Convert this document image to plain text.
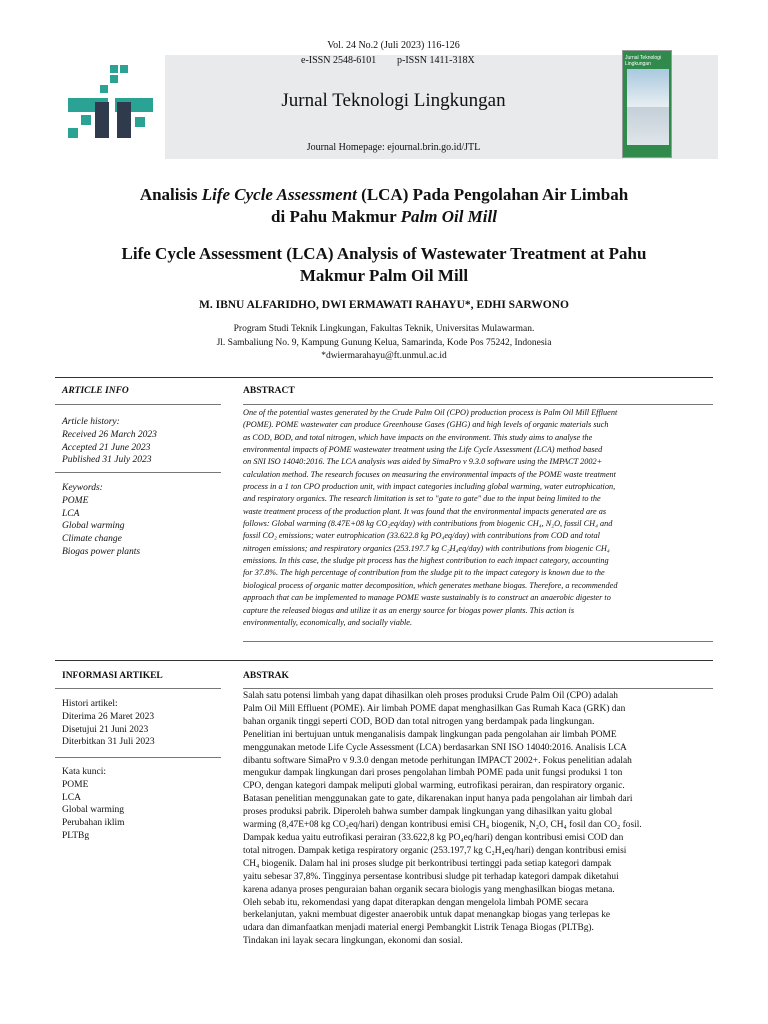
Vol. 24 No.2 (Juli 2023) 116-126
e-ISSN 2548-6101 p-ISSN 1411-318X
Jurnal Teknologi Lingkungan
Journal Homepage: ejournal.brin.go.id/JTL
Jurnal Teknologi Lingkungan
Analisis Life Cycle Assessment (LCA) Pada Pengolahan Air Limbah
di Pahu Makmur Palm Oil Mill
Life Cycle Assessment (LCA) Analysis of Wastewater Treatment at Pahu
Makmur Palm Oil Mill
M. IBNU ALFARIDHO, DWI ERMAWATI RAHAYU*, EDHI SARWONO
Program Studi Teknik Lingkungan, Fakultas Teknik, Universitas Mulawarman.
Jl. Sambaliung No. 9, Kampung Gunung Kelua, Samarinda, Kode Pos 75242, Indonesia
*dwiermarahayu@ft.unmul.ac.id
ARTICLE INFO	ABSTRACT
Article history:
Received 26 March 2023
Accepted 21 June 2023
Published 31 July 2023
Keywords:
POME
LCA
Global warming
Climate change
Biogas power plants
One of the potential wastes generated by the Crude Palm Oil (CPO) production process is Palm Oil Mill Effluent
(POME). POME wastewater can produce Greenhouse Gases (GHG) and high levels of organic materials such
as COD, BOD, and total nitrogen, which have impacts on the environment. This study aims to analyse the
environmental impacts of POME wastewater treatment using the Life Cycle Assessment (LCA) method based
on SNI ISO 14040:2016. The LCA analysis was aided by SimaPro v 9.3.0 software using the IMPACT 2002+
calculation method. The research focuses on measuring the environmental impacts of the POME waste treatment
process in a 1 ton CPO production unit, with impact categories including global warming, water eutrophication,
and respiratory organics. The research limitation is set to "gate to gate" due to the input being limited to the
waste treatment process of the production plant. It was found that the environmental impacts generated are as
follows: Global warming (8.47E+08 kg CO₂eq/day) with contributions from biogenic CH₄, N₂O, fossil CH₄ and
fossil CO₂ emissions; water eutrophication (33.622.8 kg PO₄eq/day) with contributions from COD and total
nitrogen emissions; and respiratory organics (253.197.7 kg C₂H₄eq/day) with contributions from biogenic CH₄
emissions. In this case, the sludge pit process has the highest contribution to each impact category, accounting
for 37.8%. The high percentage of contribution from the sludge pit to the impact category is known due to the
biological process of organic matter decomposition, which generates methane biogas. Therefore, a recommended
approach that can be implemented to manage POME waste sustainably is to construct an anaerobic digester to
capture the released biogas and utilize it as an energy source for biogas power plants. This action is
environmentally, economically, and socially viable.
INFORMASI ARTIKEL	ABSTRAK
Histori artikel:
Diterima 26 Maret 2023
Disetujui 21 Juni 2023
Diterbitkan 31 Juli 2023
Kata kunci:
POME
LCA
Global warming
Perubahan iklim
PLTBg
Salah satu potensi limbah yang dapat dihasilkan oleh proses produksi Crude Palm Oil (CPO) adalah
Palm Oil Mill Effluent (POME). Air limbah POME dapat menghasilkan Gas Rumah Kaca (GRK) dan
bahan organik tinggi seperti COD, BOD dan total nitrogen yang berdampak pada lingkungan.
Penelitian ini bertujuan untuk menganalisis dampak lingkungan pada pengolahan air limbah POME
menggunakan metode Life Cycle Assessment (LCA) berdasarkan SNI ISO 14040:2016. Analisis LCA
dibantu software SimaPro v 9.3.0 dengan metode perhitungan IMPACT 2002+. Fokus penelitian adalah
mengukur dampak lingkungan dari proses pengolahan limbah POME pada unit fungsi produksi 1 ton
CPO, dengan kategori dampak meliputi global warming, eutrofikasi perairan, dan respiratory organic.
Batasan penelitian menggunakan gate to gate, dikarenakan input hanya pada pengolahan air limbah dari
proses produksi pabrik. Diperoleh bahwa sumber dampak lingkungan yang dihasilkan yaitu global
warming (8,47E+08 kg CO₂eq/hari) dengan kontribusi emisi CH₄ biogenik, N₂O, CH₄ fosil dan CO₂ fosil.
Dampak kedua yaitu eutrofikasi perairan (33.622,8 kg PO₄eq/hari) dengan kontribusi emisi COD dan
total nitrogen. Dampak ketiga respiratory organic (253.197,7 kg C₂H₄eq/hari) dengan kontribusi emisi
CH₄ biogenik. Dalam hal ini proses sludge pit berkontribusi tertinggi pada setiap kategori dampak
yaitu sebesar 37,8%. Tingginya persentase kontribusi sludge pit terhadap kategori dampak diketahui
karena adanya proses penguraian bahan organik secara biologis yang menghasilkan biogas metana.
Oleh sebab itu, rekomendasi yang dapat diterapkan dengan mengelola limbah POME secara
berkelanjutan, yakni membuat digester anaerobik untuk dapat menangkap biogas yang terlepas ke
udara dan dimanfaatkan menjadi material energi Pembangkit Listrik Tenaga Biogas (PLTBg).
Tindakan ini layak secara lingkungan, ekonomi dan sosial.
